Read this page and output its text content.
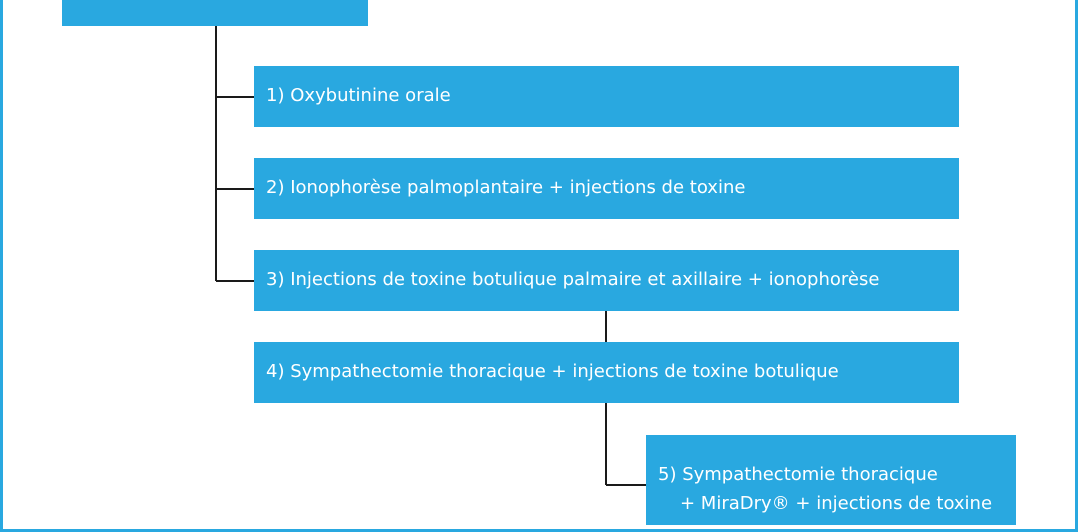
1) Oxybutinine orale
2) Ionophorèse palmoplantaire + injections de toxine
3) Injections de toxine botulique palmaire et axillaire + ionophorèse
4) Sympathectomie thoracique + injections de toxine botulique
5) Sympathectomie thoracique
+ MiraDry® + injections de toxine
